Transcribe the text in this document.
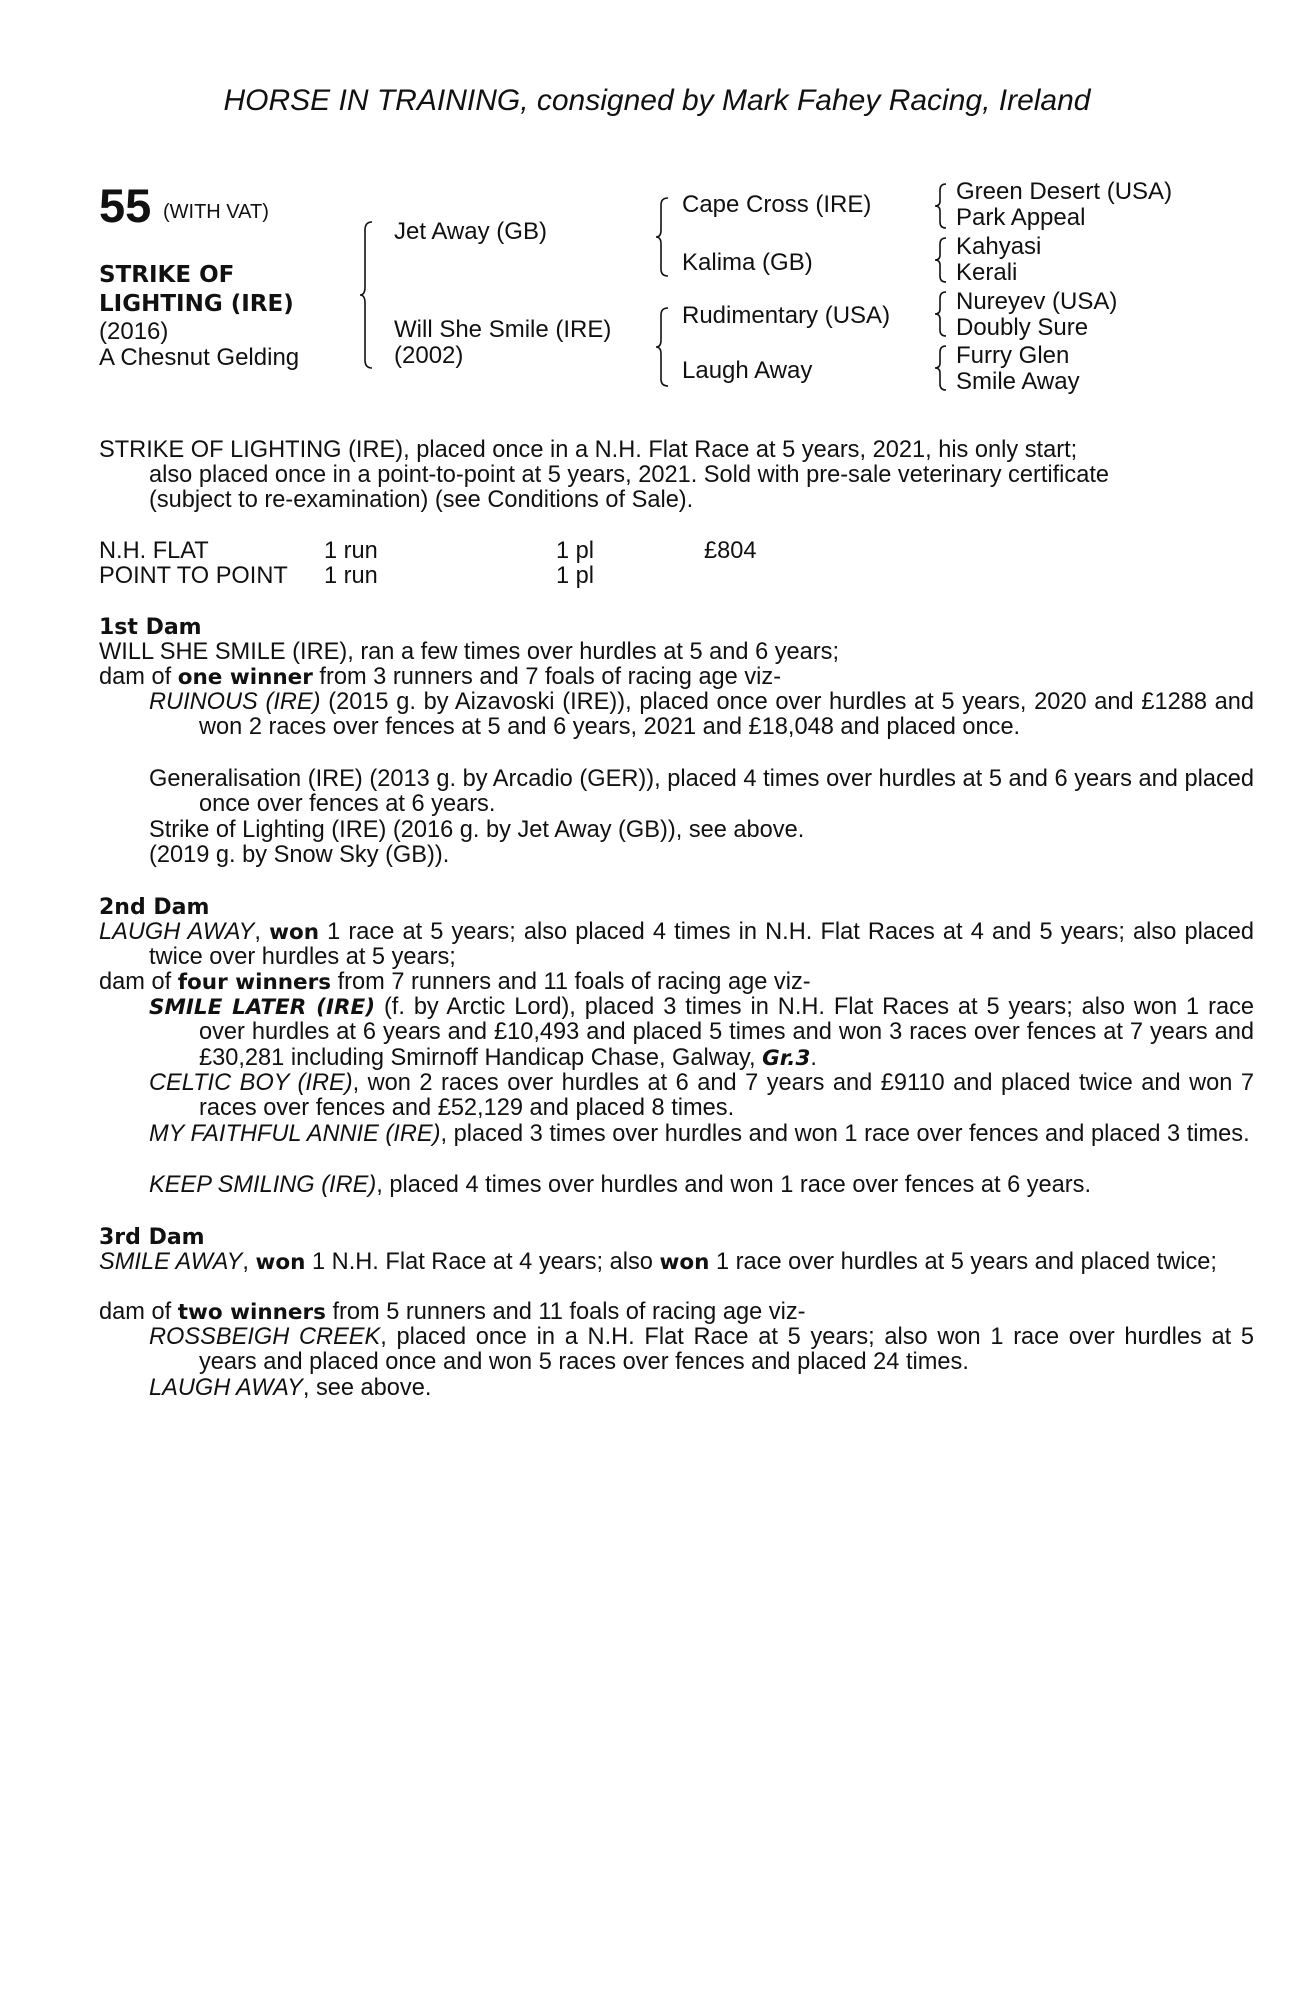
HORSE IN TRAINING, consigned by Mark Fahey Racing, Ireland
55 (WITH VAT)
STRIKE OF
LIGHTING (IRE)
(2016)
A Chesnut Gelding
Jet Away (GB)
Will She Smile (IRE)
(2002)
Cape Cross (IRE)
Kalima (GB)
Rudimentary (USA)
Laugh Away
Green Desert (USA)
Park Appeal
Kahyasi
Kerali
Nureyev (USA)
Doubly Sure
Furry Glen
Smile Away
STRIKE OF LIGHTING (IRE), placed once in a N.H. Flat Race at 5 years, 2021, his only start;
also placed once in a point-to-point at 5 years, 2021. Sold with pre-sale veterinary certificate
(subject to re-examination) (see Conditions of Sale).
N.H. FLAT	1 run	1 pl	£804
POINT TO POINT 1 run	1 pl
1st Dam
WILL SHE SMILE (IRE), ran a few times over hurdles at 5 and 6 years;
dam of one winner from 3 runners and 7 foals of racing age viz-
RUINOUS (IRE) (2015 g. by Aizavoski (IRE)), placed once over hurdles at 5 years, 2020 and £1288 and won 2 races over fences at 5 and 6 years, 2021 and £18,048 and placed once.
Generalisation (IRE) (2013 g. by Arcadio (GER)), placed 4 times over hurdles at 5 and 6 years and placed once over fences at 6 years.
Strike of Lighting (IRE) (2016 g. by Jet Away (GB)), see above.
(2019 g. by Snow Sky (GB)).
2nd Dam
LAUGH AWAY, won 1 race at 5 years; also placed 4 times in N.H. Flat Races at 4 and 5 years; also placed twice over hurdles at 5 years;
dam of four winners from 7 runners and 11 foals of racing age viz-
SMILE LATER (IRE) (f. by Arctic Lord), placed 3 times in N.H. Flat Races at 5 years; also won 1 race over hurdles at 6 years and £10,493 and placed 5 times and won 3 races over fences at 7 years and £30,281 including Smirnoff Handicap Chase, Galway, Gr.3.
CELTIC BOY (IRE), won 2 races over hurdles at 6 and 7 years and £9110 and placed twice and won 7 races over fences and £52,129 and placed 8 times.
MY FAITHFUL ANNIE (IRE), placed 3 times over hurdles and won 1 race over fences and placed 3 times.
KEEP SMILING (IRE), placed 4 times over hurdles and won 1 race over fences at 6 years.
3rd Dam
SMILE AWAY, won 1 N.H. Flat Race at 4 years; also won 1 race over hurdles at 5 years and placed twice;
dam of two winners from 5 runners and 11 foals of racing age viz-
ROSSBEIGH CREEK, placed once in a N.H. Flat Race at 5 years; also won 1 race over hurdles at 5 years and placed once and won 5 races over fences and placed 24 times.
LAUGH AWAY, see above.
